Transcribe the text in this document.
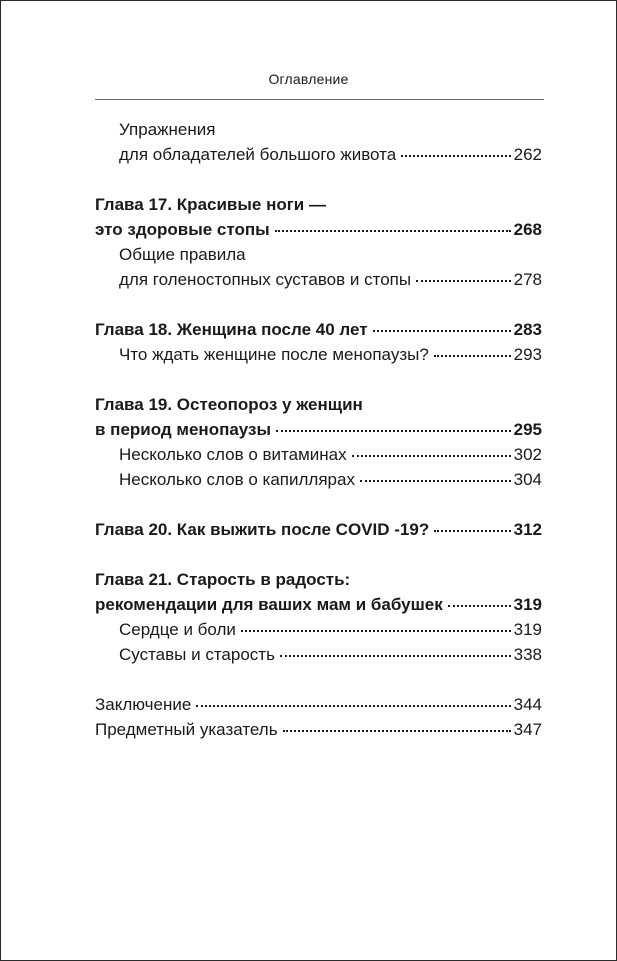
Оглавление
Упражнения
для обладателей большого живота	262
Глава 17. Красивые ноги —
это здоровые стопы	268
Общие правила
для голеностопных суставов и стопы	278
Глава 18. Женщина после 40 лет	283
Что ждать женщине после менопаузы?	293
Глава 19. Остеопороз у женщин
в период менопаузы	295
Несколько слов о витаминах	302
Несколько слов о капиллярах	304
Глава 20. Как выжить после COVID -19?	312
Глава 21. Старость в радость:
рекомендации для ваших мам и бабушек	319
Сердце и боли	319
Суставы и старость	338
Заключение	344
Предметный указатель	347
